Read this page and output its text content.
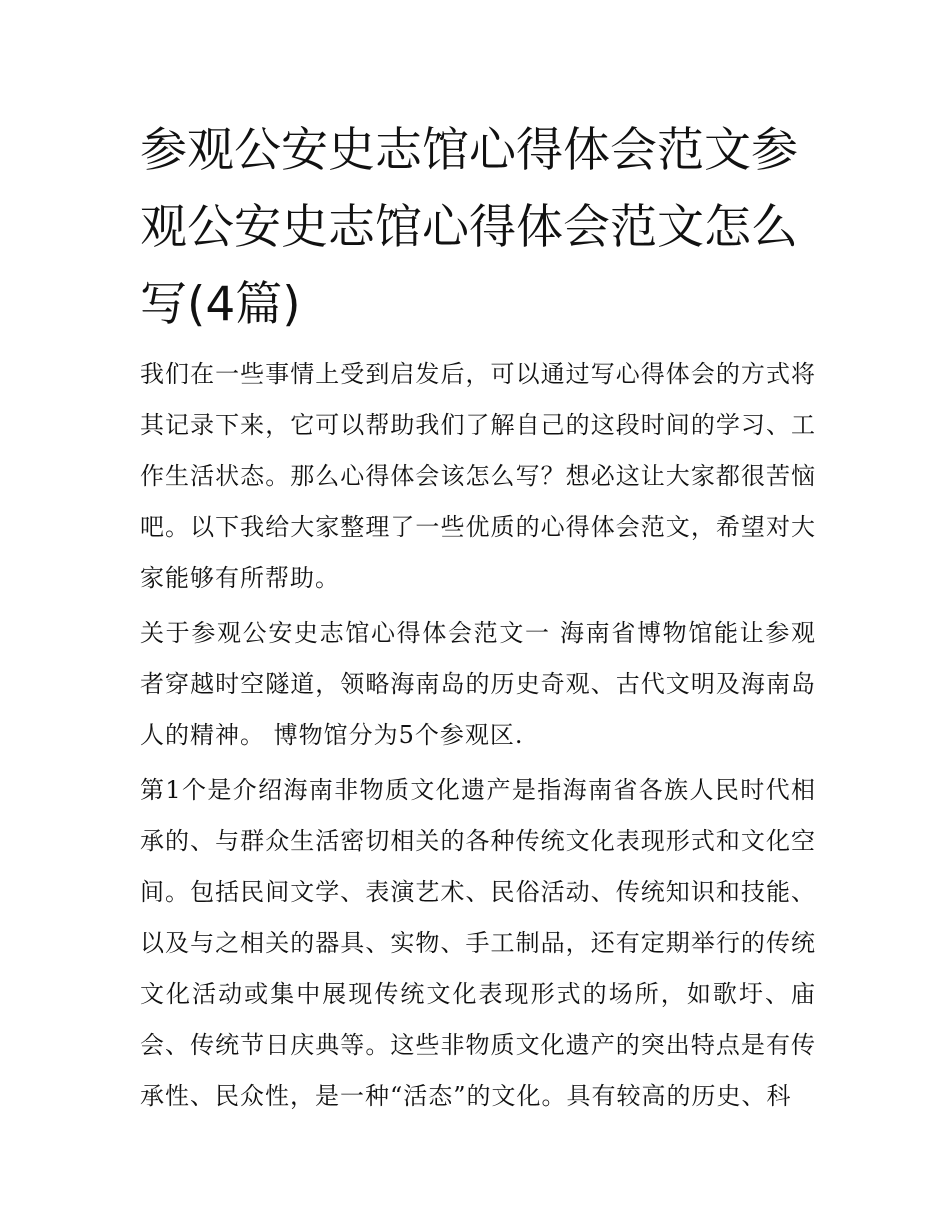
参观公安史志馆心得体会范文参观公安史志馆心得体会范文怎么写(4篇)

我们在一些事情上受到启发后，可以通过写心得体会的方式将其记录下来，它可以帮助我们了解自己的这段时间的学习、工作生活状态。那么心得体会该怎么写？想必这让大家都很苦恼吧。以下我给大家整理了一些优质的心得体会范文，希望对大家能够有所帮助。

关于参观公安史志馆心得体会范文一 海南省博物馆能让参观者穿越时空隧道，领略海南岛的历史奇观、古代文明及海南岛人的精神。 博物馆分为5个参观区.

第1个是介绍海南非物质文化遗产是指海南省各族人民时代相承的、与群众生活密切相关的各种传统文化表现形式和文化空间。包括民间文学、表演艺术、民俗活动、传统知识和技能、以及与之相关的器具、实物、手工制品，还有定期举行的传统文化活动或集中展现传统文化表现形式的场所，如歌圩、庙会、传统节日庆典等。这些非物质文化遗产的突出特点是有传承性、民众性，是一种“活态”的文化。具有较高的历史、科
